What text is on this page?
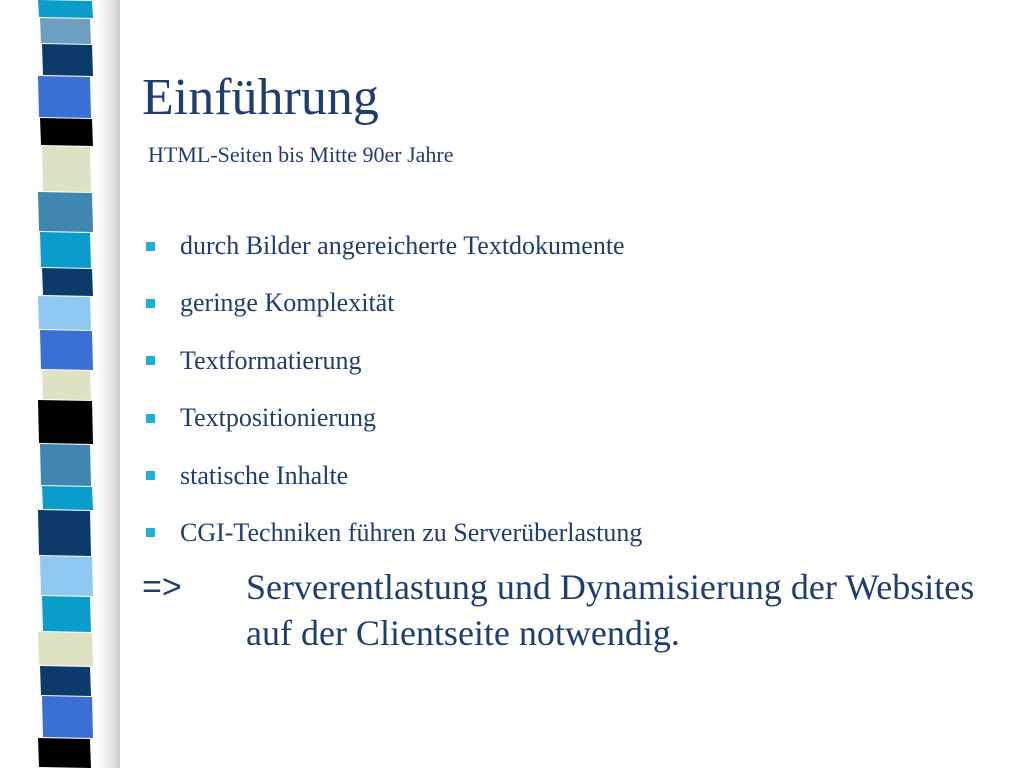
Einführung
HTML-Seiten bis Mitte 90er Jahre
durch Bilder angereicherte Textdokumente
geringe Komplexität
Textformatierung
Textpositionierung
statische Inhalte
CGI-Techniken führen zu Serverüberlastung
=>	Serverentlastung und Dynamisierung der Websites auf der Clientseite notwendig.
